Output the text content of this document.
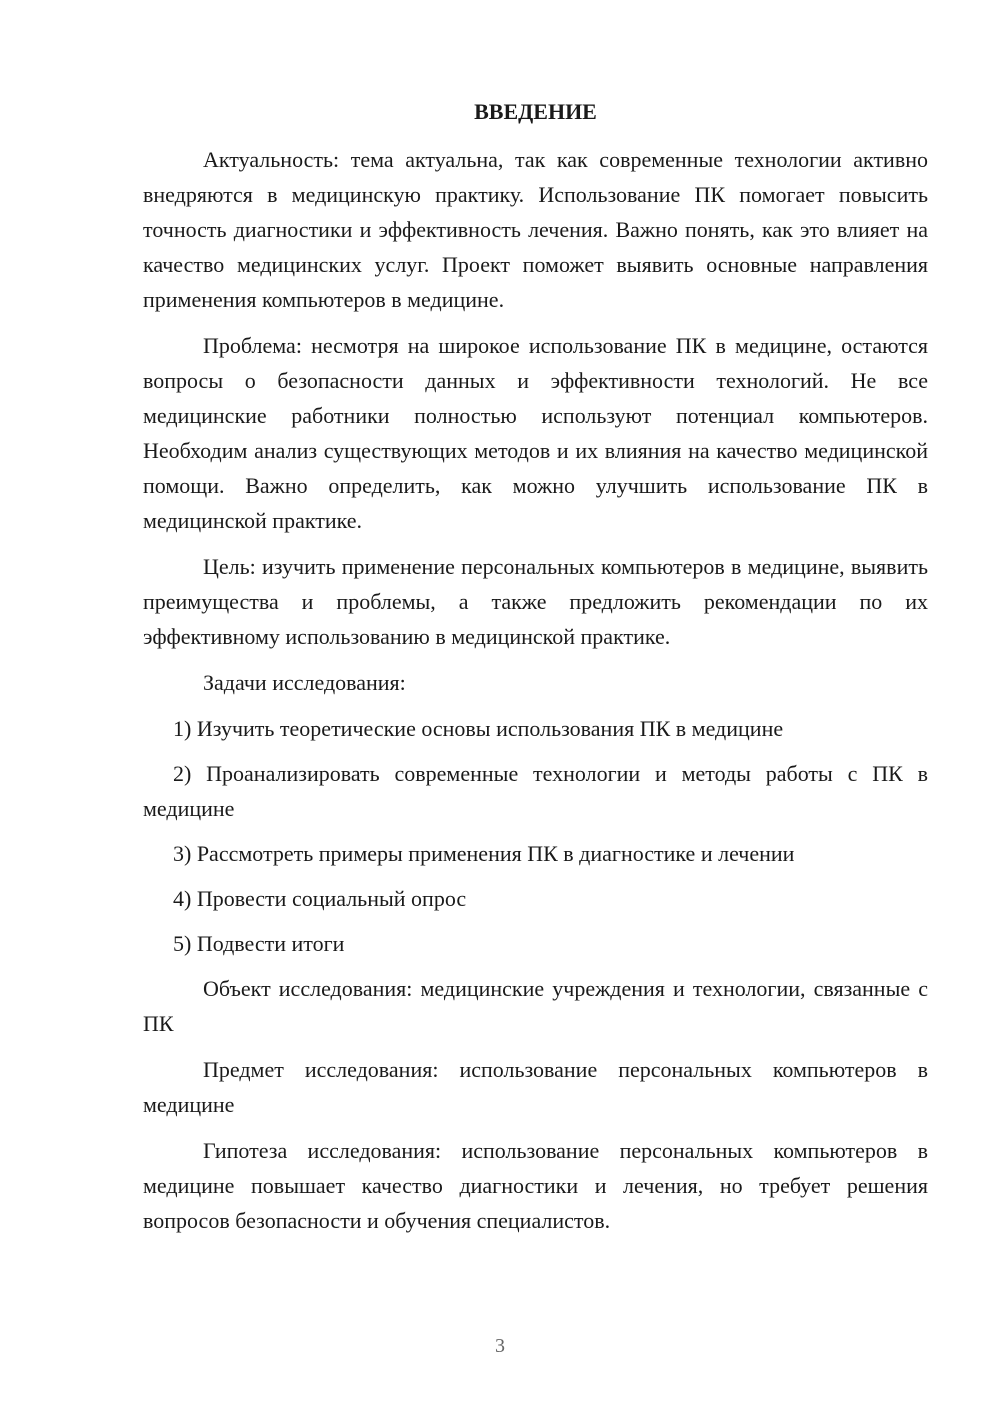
ВВЕДЕНИЕ

Актуальность: тема актуальна, так как современные технологии активно внедряются в медицинскую практику. Использование ПК помогает повысить точность диагностики и эффективность лечения. Важно понять, как это влияет на качество медицинских услуг. Проект поможет выявить основные направления применения компьютеров в медицине.

Проблема: несмотря на широкое использование ПК в медицине, остаются вопросы о безопасности данных и эффективности технологий. Не все медицинские работники полностью используют потенциал компьютеров. Необходим анализ существующих методов и их влияния на качество медицинской помощи. Важно определить, как можно улучшить использование ПК в медицинской практике.

Цель: изучить применение персональных компьютеров в медицине, выявить преимущества и проблемы, а также предложить рекомендации по их эффективному использованию в медицинской практике.

Задачи исследования:

1) Изучить теоретические основы использования ПК в медицине
2) Проанализировать современные технологии и методы работы с ПК в медицине
3) Рассмотреть примеры применения ПК в диагностике и лечении
4) Провести социальный опрос
5) Подвести итоги

Объект исследования: медицинские учреждения и технологии, связанные с ПК

Предмет исследования: использование персональных компьютеров в медицине

Гипотеза исследования: использование персональных компьютеров в медицине повышает качество диагностики и лечения, но требует решения вопросов безопасности и обучения специалистов.

3
